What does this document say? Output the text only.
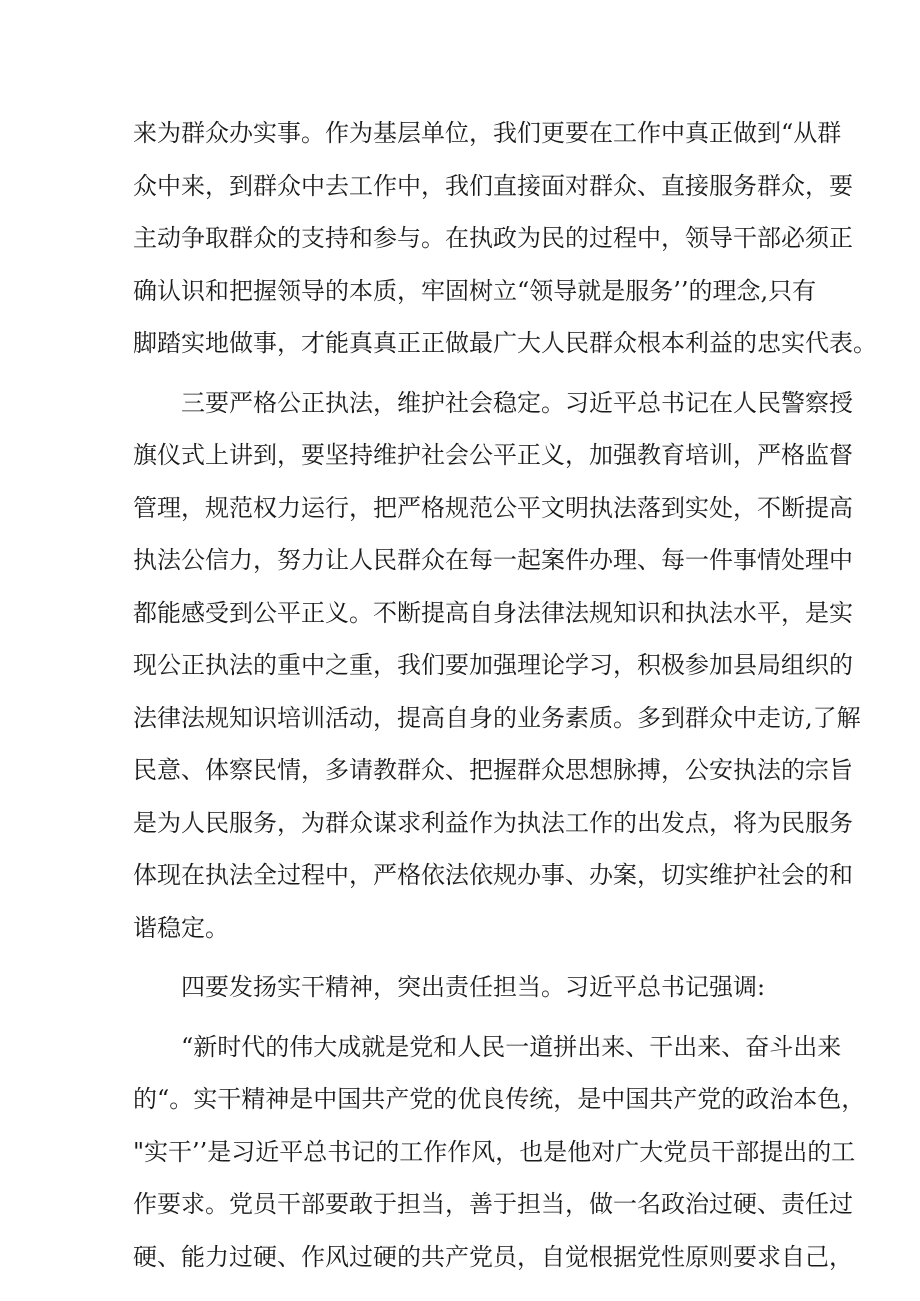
来为群众办实事。作为基层单位，我们更要在工作中真正做到“从群
众中来，到群众中去工作中，我们直接面对群众、直接服务群众，要
主动争取群众的支持和参与。在执政为民的过程中，领导干部必须正
确认识和把握领导的本质，牢固树立“领导就是服务’’的理念,只有
脚踏实地做事，才能真真正正做最广大人民群众根本利益的忠实代表。
三要严格公正执法，维护社会稳定。习近平总书记在人民警察授
旗仪式上讲到，要坚持维护社会公平正义，加强教育培训，严格监督
管理，规范权力运行，把严格规范公平文明执法落到实处，不断提高
执法公信力，努力让人民群众在每一起案件办理、每一件事情处理中
都能感受到公平正义。不断提高自身法律法规知识和执法水平，是实
现公正执法的重中之重，我们要加强理论学习，积极参加县局组织的
法律法规知识培训活动，提高自身的业务素质。多到群众中走访,了解
民意、体察民情，多请教群众、把握群众思想脉搏，公安执法的宗旨
是为人民服务，为群众谋求利益作为执法工作的出发点，将为民服务
体现在执法全过程中，严格依法依规办事、办案，切实维护社会的和
谐稳定。
四要发扬实干精神，突出责任担当。习近平总书记强调:
“新时代的伟大成就是党和人民一道拼出来、干出来、奋斗出来
的“。实干精神是中国共产党的优良传统，是中国共产党的政治本色，
"实干’’是习近平总书记的工作作风，也是他对广大党员干部提出的工
作要求。党员干部要敢于担当，善于担当，做一名政治过硬、责任过
硬、能力过硬、作风过硬的共产党员，自觉根据党性原则要求自己，
